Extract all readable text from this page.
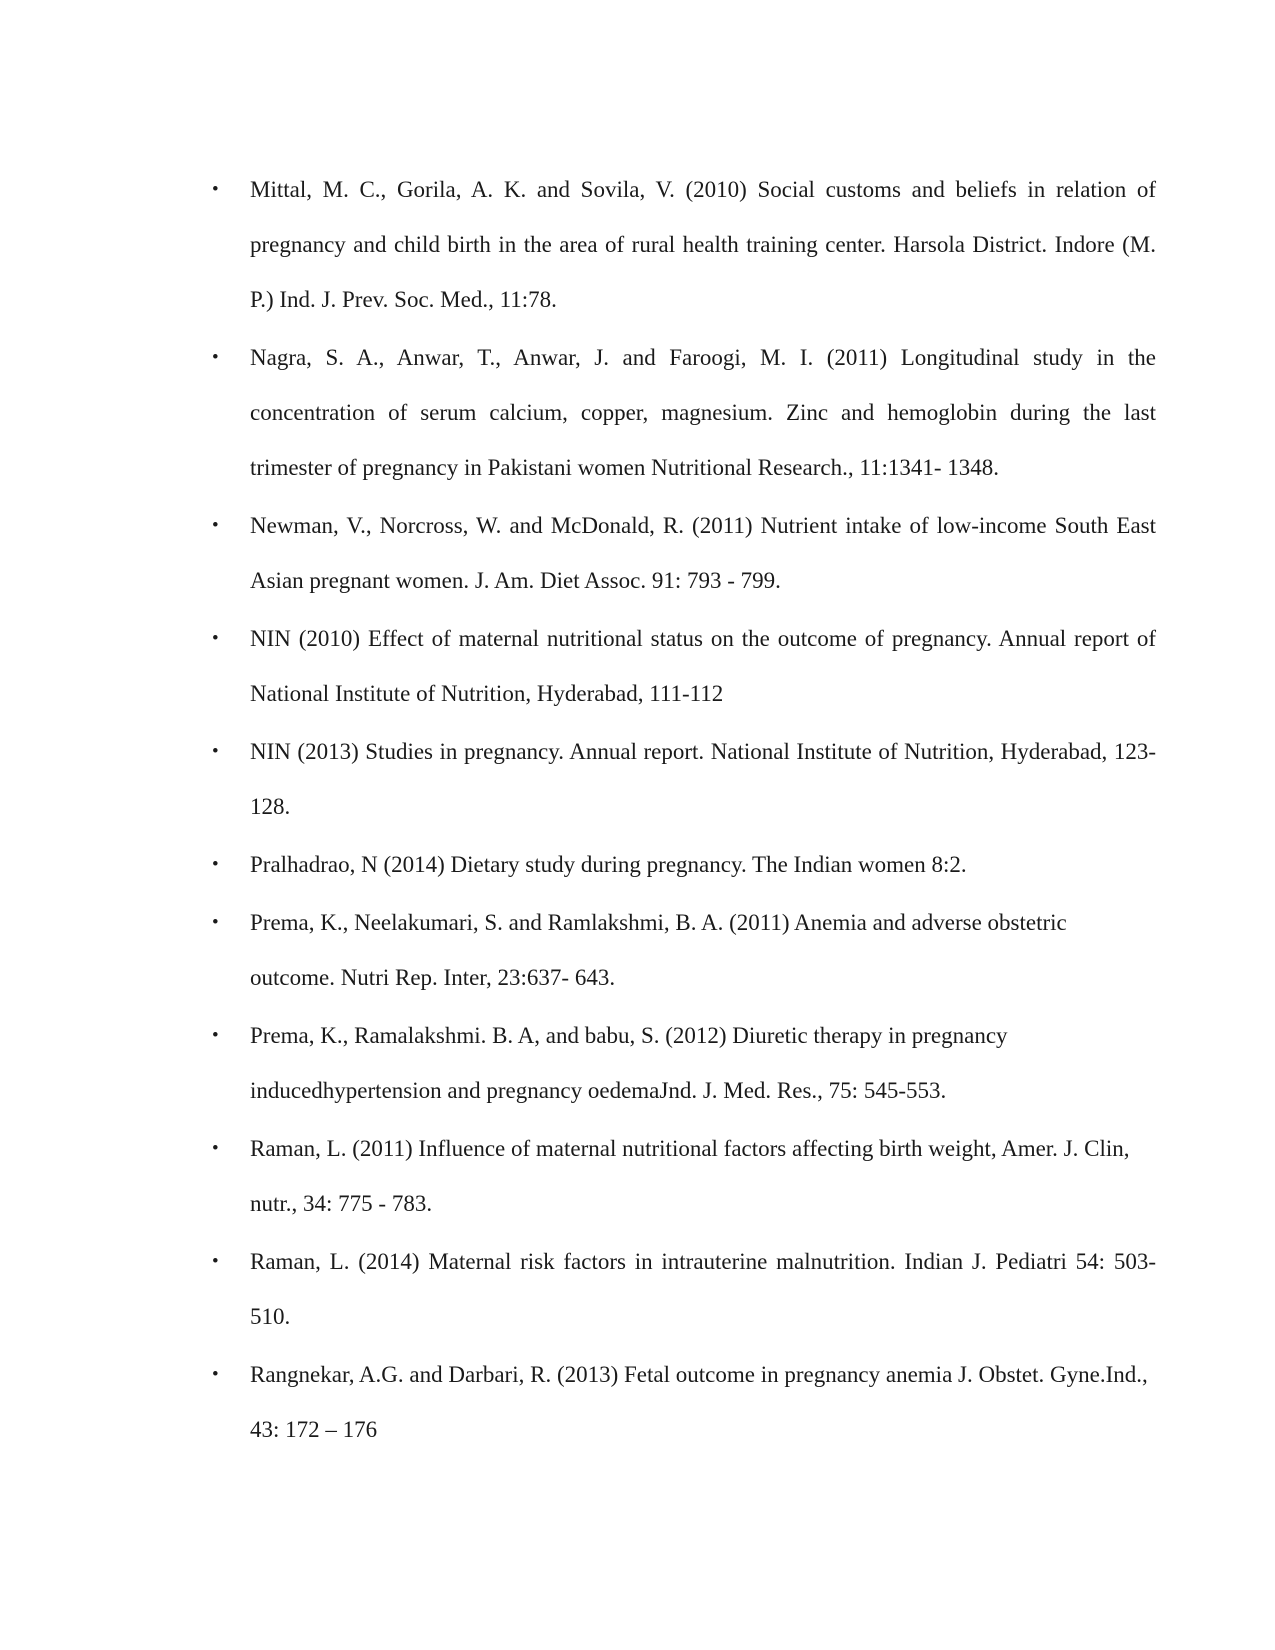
• Mittal, M. C., Gorila, A. K. and Sovila, V. (2010) Social customs and beliefs in relation of pregnancy and child birth in the area of rural health training center. Harsola District. Indore (M. P.) Ind. J. Prev. Soc. Med., 11:78.
• Nagra, S. A., Anwar, T., Anwar, J. and Faroogi, M. I. (2011) Longitudinal study in the concentration of serum calcium, copper, magnesium. Zinc and hemoglobin during the last trimester of pregnancy in Pakistani women Nutritional Research., 11:1341- 1348.
• Newman, V., Norcross, W. and McDonald, R. (2011) Nutrient intake of low-income South East Asian pregnant women. J. Am. Diet Assoc. 91: 793 - 799.
• NIN (2010) Effect of maternal nutritional status on the outcome of pregnancy. Annual report of National Institute of Nutrition, Hyderabad, 111-112
• NIN (2013) Studies in pregnancy. Annual report. National Institute of Nutrition, Hyderabad, 123-128.
• Pralhadrao, N (2014) Dietary study during pregnancy. The Indian women 8:2.
• Prema, K., Neelakumari, S. and Ramlakshmi, B. A. (2011) Anemia and adverse obstetric outcome. Nutri Rep. Inter, 23:637- 643.
• Prema, K., Ramalakshmi. B. A, and babu, S. (2012) Diuretic therapy in pregnancy inducedhypertension and pregnancy oedemaJnd. J. Med. Res., 75: 545-553.
• Raman, L. (2011) Influence of maternal nutritional factors affecting birth weight, Amer. J. Clin, nutr., 34: 775 - 783.
• Raman, L. (2014) Maternal risk factors in intrauterine malnutrition. Indian J. Pediatri 54: 503-510.
• Rangnekar, A.G. and Darbari, R. (2013) Fetal outcome in pregnancy anemia J. Obstet. Gyne.Ind., 43: 172 – 176
